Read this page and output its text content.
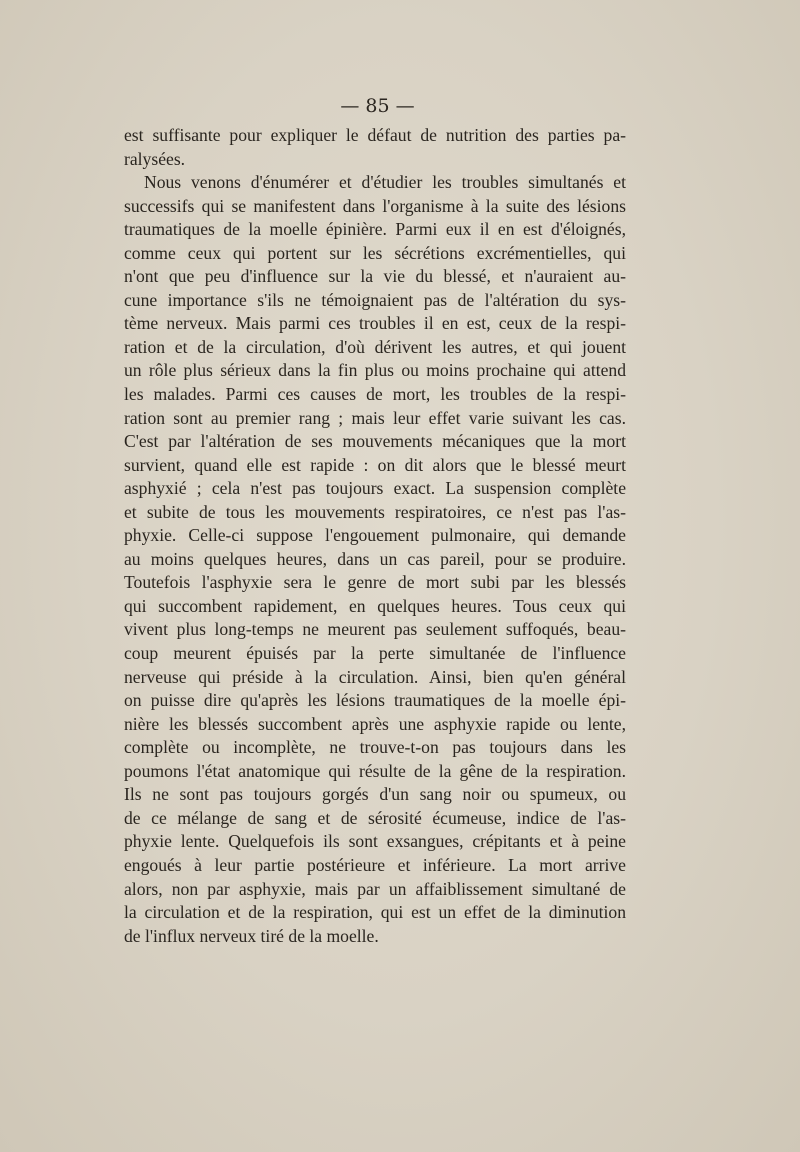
— 85 —
est suffisante pour expliquer le défaut de nutrition des parties pa-
ralysées.
Nous venons d'énumérer et d'étudier les troubles simultanés et
successifs qui se manifestent dans l'organisme à la suite des lésions
traumatiques de la moelle épinière. Parmi eux il en est d'éloignés,
comme ceux qui portent sur les sécrétions excrémentielles, qui
n'ont que peu d'influence sur la vie du blessé, et n'auraient au-
cune importance s'ils ne témoignaient pas de l'altération du sys-
tème nerveux. Mais parmi ces troubles il en est, ceux de la respi-
ration et de la circulation, d'où dérivent les autres, et qui jouent
un rôle plus sérieux dans la fin plus ou moins prochaine qui attend
les malades. Parmi ces causes de mort, les troubles de la respi-
ration sont au premier rang ; mais leur effet varie suivant les cas.
C'est par l'altération de ses mouvements mécaniques que la mort
survient, quand elle est rapide : on dit alors que le blessé meurt
asphyxié ; cela n'est pas toujours exact. La suspension complète
et subite de tous les mouvements respiratoires, ce n'est pas l'as-
phyxie. Celle-ci suppose l'engouement pulmonaire, qui demande
au moins quelques heures, dans un cas pareil, pour se produire.
Toutefois l'asphyxie sera le genre de mort subi par les blessés
qui succombent rapidement, en quelques heures. Tous ceux qui
vivent plus long-temps ne meurent pas seulement suffoqués, beau-
coup meurent épuisés par la perte simultanée de l'influence
nerveuse qui préside à la circulation. Ainsi, bien qu'en général
on puisse dire qu'après les lésions traumatiques de la moelle épi-
nière les blessés succombent après une asphyxie rapide ou lente,
complète ou incomplète, ne trouve-t-on pas toujours dans les
poumons l'état anatomique qui résulte de la gêne de la respiration.
Ils ne sont pas toujours gorgés d'un sang noir ou spumeux, ou
de ce mélange de sang et de sérosité écumeuse, indice de l'as-
phyxie lente. Quelquefois ils sont exsangues, crépitants et à peine
engoués à leur partie postérieure et inférieure. La mort arrive
alors, non par asphyxie, mais par un affaiblissement simultané de
la circulation et de la respiration, qui est un effet de la diminution
de l'influx nerveux tiré de la moelle.
